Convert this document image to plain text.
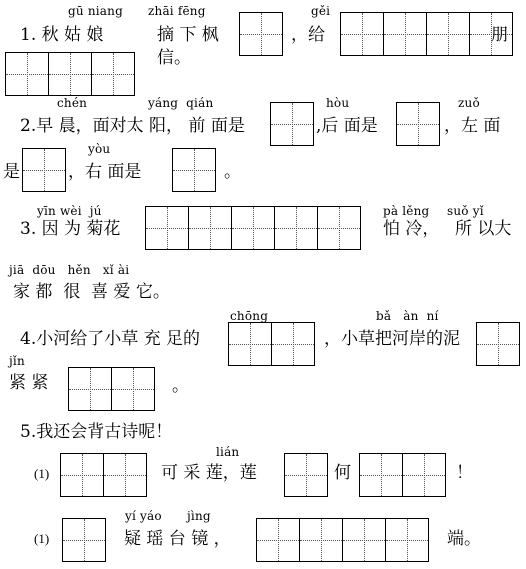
gū niang zhāi fēng	gěi
1. 秋 姑 娘	摘 下 枫	，给	朋
信。
chén	yáng  qián	hòu	zuǒ
2.早 晨，面对太 阳， 前 面是	,后 面是	，左 面
yòu
是	，右 面是	。
yīn wèi  jú	pà lěng suǒ yǐ
3. 因 为 菊花	怕 冷， 所 以大
jiā  dōu   hěn   xǐ ài
家 都  很  喜 爱 它。
chōng	bǎ   àn  ní
4.小河给了小草 充 足的	，小草把河岸的泥
jǐn
紧 紧	。
5.我还会背古诗呢！
lián
(1)	可 采 莲，莲	何	！
yí yáo jìng
(1)	疑 瑶 台 镜 ，	端。
